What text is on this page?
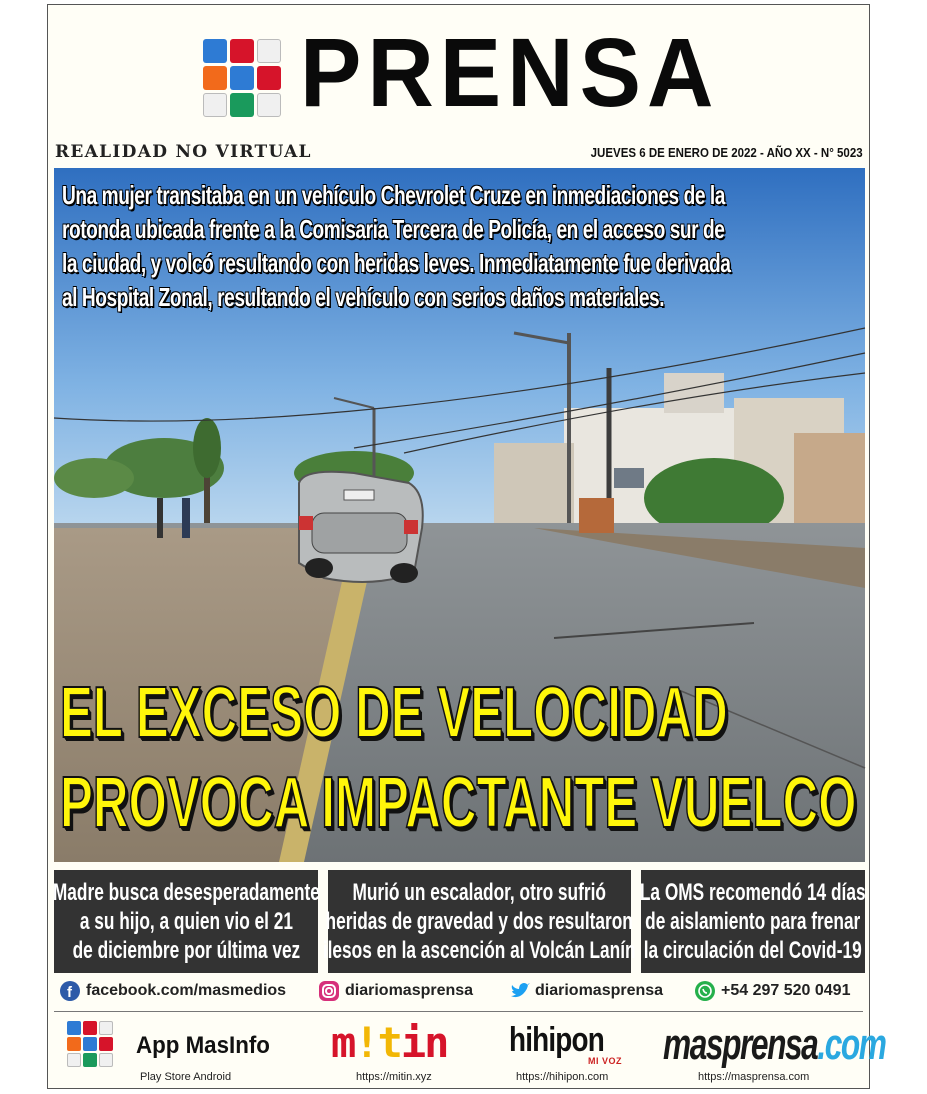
PRENSA
REALIDAD NO VIRTUAL	JUEVES 6 DE ENERO DE 2022 - AÑO XX - N° 5023
Una mujer transitaba en un vehículo Chevrolet Cruze en inmediaciones de la
rotonda ubicada frente a la Comisaria Tercera de Policía, en el acceso sur de
la ciudad, y volcó resultando con heridas leves. Inmediatamente fue derivada
al Hospital Zonal, resultando el vehículo con serios daños materiales.
EL EXCESO DE VELOCIDAD
PROVOCA IMPACTANTE VUELCO
Madre busca desesperadamente
a su hijo, a quien vio el 21
de diciembre por última vez
Murió un escalador, otro sufrió
heridas de gravedad y dos resultaron
ilesos en la ascención al Volcán Lanín
La OMS recomendó 14 días
de aislamiento para frenar
la circulación del Covid-19
f facebook.com/masmedios	diariomasprensa	diariomasprensa	+54 297 520 0491
App MasInfo
Play Store Android
m!tin
https://mitin.xyz
hihipon
MI VOZ
https://hihipon.com
masprensa.com
https://masprensa.com
